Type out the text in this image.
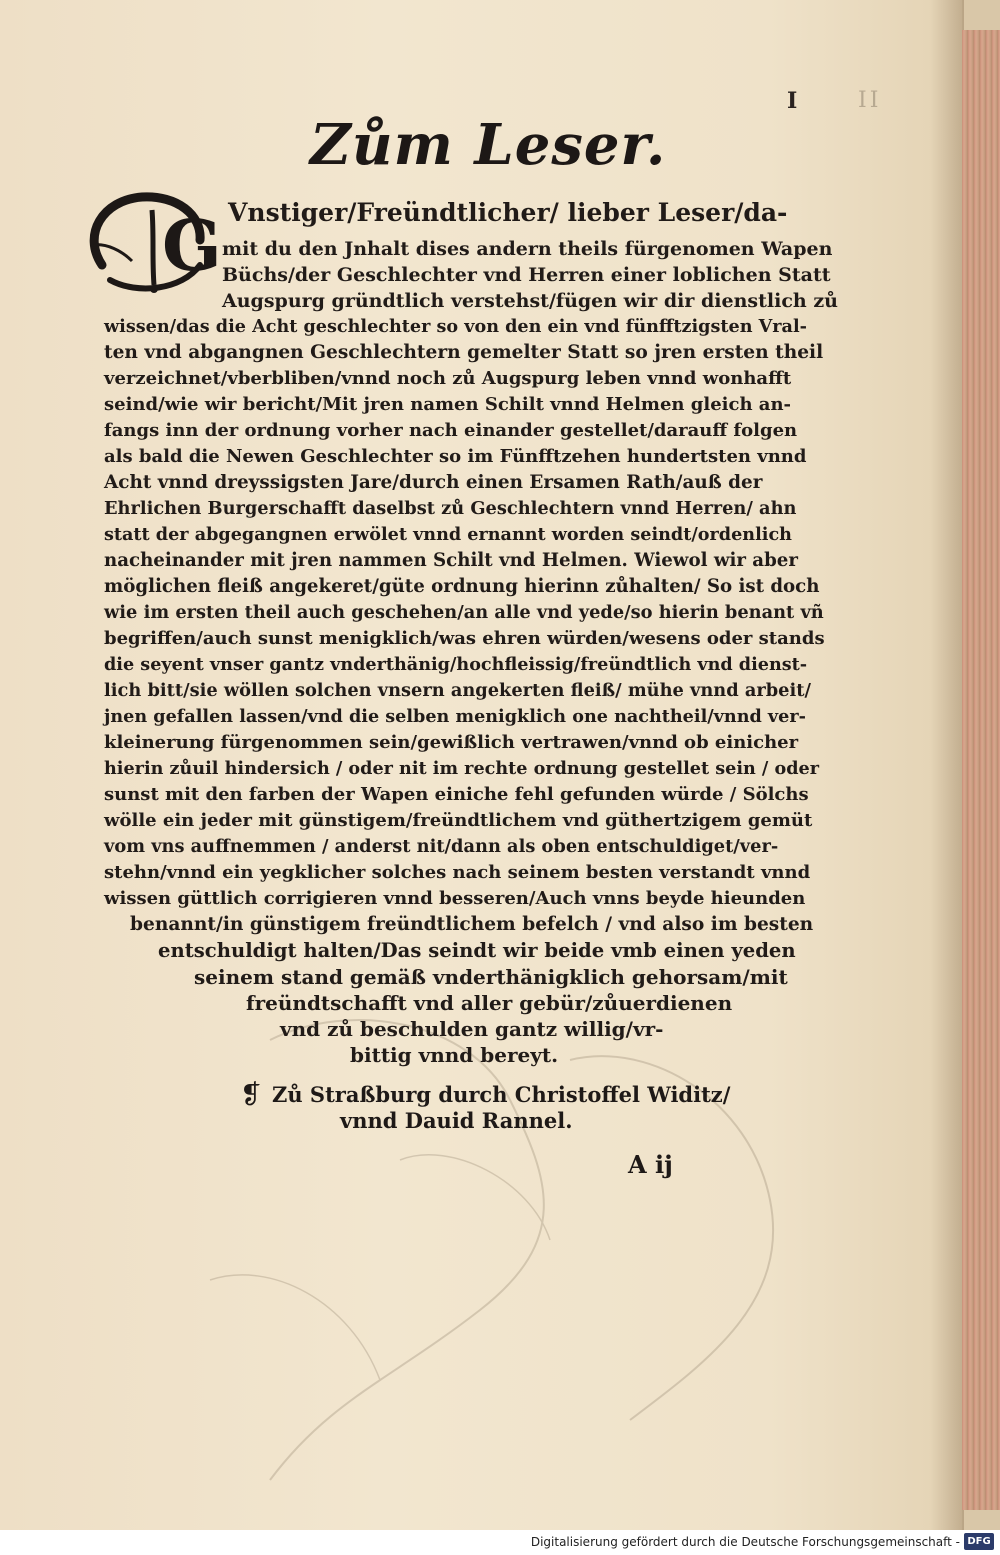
I	II
Zům Leser.
G Vnstiger/Freündtlicher/ lieber Leser/da-
mit du den Jnhalt dises andern theils fürgenomen Wapen
Büchs/der Geschlechter vnd Herren einer loblichen Statt
Augspurg gründtlich verstehst/fügen wir dir dienstlich zů
wissen/das die Acht geschlechter so von den ein vnd fünfftzigsten Vral-
ten vnd abgangnen Geschlechtern gemelter Statt so jren ersten theil
verzeichnet/vberbliben/vnnd noch zů Augspurg leben vnnd wonhafft
seind/wie wir bericht/Mit jren namen Schilt vnnd Helmen gleich an-
fangs inn der ordnung vorher nach einander gestellet/darauff folgen
als bald die Newen Geschlechter so im Fünfftzehen hundertsten vnnd
Acht vnnd dreyssigsten Jare/durch einen Ersamen Rath/auß der
Ehrlichen Burgerschafft daselbst zů Geschlechtern vnnd Herren/ ahn
statt der abgegangnen erwölet vnnd ernannt worden seindt/ordenlich
nacheinander mit jren nammen Schilt vnd Helmen. Wiewol wir aber
möglichen fleiß angekeret/güte ordnung hierinn zůhalten/ So ist doch
wie im ersten theil auch geschehen/an alle vnd yede/so hierin benant vñ
begriffen/auch sunst menigklich/was ehren würden/wesens oder stands
die seyent vnser gantz vnderthänig/hochfleissig/freündtlich vnd dienst-
lich bitt/sie wöllen solchen vnsern angekerten fleiß/ mühe vnnd arbeit/
jnen gefallen lassen/vnd die selben menigklich one nachtheil/vnnd ver-
kleinerung fürgenommen sein/gewißlich vertrawen/vnnd ob einicher
hierin zůuil hindersich / oder nit im rechte ordnung gestellet sein / oder
sunst mit den farben der Wapen einiche fehl gefunden würde / Sölchs
wölle ein jeder mit günstigem/freündtlichem vnd güthertzigem gemüt
vom vns auffnemmen / anderst nit/dann als oben entschuldiget/ver-
stehn/vnnd ein yegklicher solches nach seinem besten verstandt vnnd
wissen güttlich corrigieren vnnd besseren/Auch vnns beyde hieunden
benannt/in günstigem freündtlichem befelch / vnd also im besten
entschuldigt halten/Das seindt wir beide vmb einen yeden
seinem stand gemäß vnderthänigklich gehorsam/mit
freündtschafft vnd aller gebür/zůuerdienen
vnd zů beschulden gantz willig/vr-
bittig vnnd bereyt.
❡ Zů Straßburg durch Christoffel Widitz/
vnnd Dauid Rannel.
A ij
Digitalisierung gefördert durch die Deutsche Forschungsgemeinschaft - DFG
